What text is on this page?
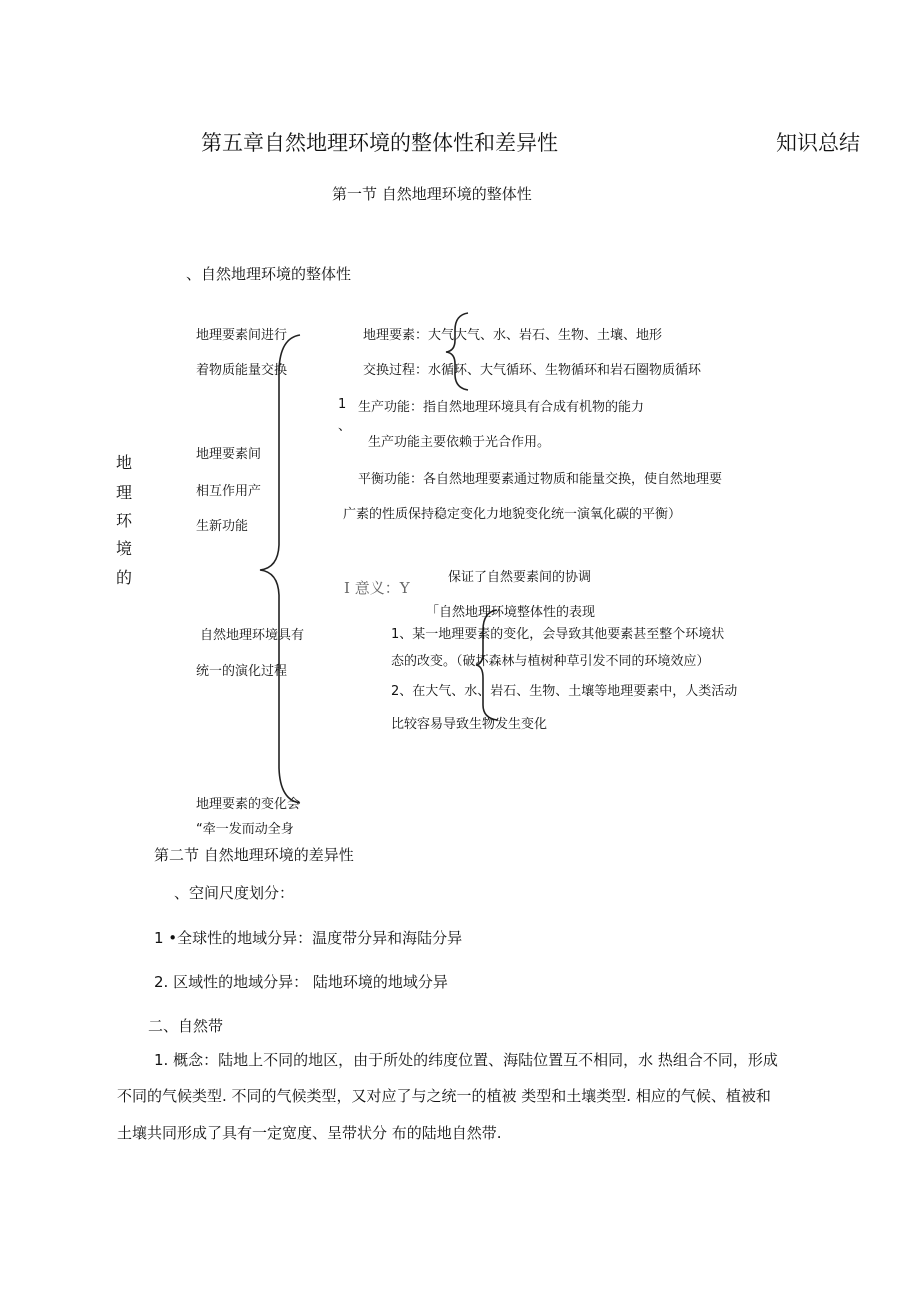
第五章自然地理环境的整体性和差异性	知识总结
第一节 自然地理环境的整体性
、自然地理环境的整体性
地
理
环
境
的
地理要素间进行
着物质能量交换
地理要素间
相互作用产
生新功能
自然地理环境具有
统一的演化过程
地理要素的变化会
“牵一发而动全身
地理要素：大气大气、水、岩石、生物、土壤、地形
交换过程：水循环、大气循环、生物循环和岩石圈物质循环
1
、
生产功能：指自然地理环境具有合成有机物的能力
生产功能主要依赖于光合作用。
平衡功能：各自然地理要素通过物质和能量交换，使自然地理要
广素的性质保持稳定变化力地貌变化统一演氧化碳的平衡）
I 意义：Y
保证了自然要素间的协调
「自然地理环境整体性的表现
1、某一地理要素的变化，会导致其他要素甚至整个环境状
态的改变。（破坏森林与植树种草引发不同的环境效应）
2、在大气、水、岩石、生物、土壤等地理要素中，人类活动
比较容易导致生物发生变化
第二节 自然地理环境的差异性
、空间尺度划分：
1 •全球性的地域分异：温度带分异和海陆分异
2. 区域性的地域分异： 陆地环境的地域分异
二、自然带
1. 概念：陆地上不同的地区，由于所处的纬度位置、海陆位置互不相同，水 热组合不同，形成
不同的气候类型. 不同的气候类型，又对应了与之统一的植被 类型和土壤类型. 相应的气候、植被和
土壤共同形成了具有一定宽度、呈带状分 布的陆地自然带.
